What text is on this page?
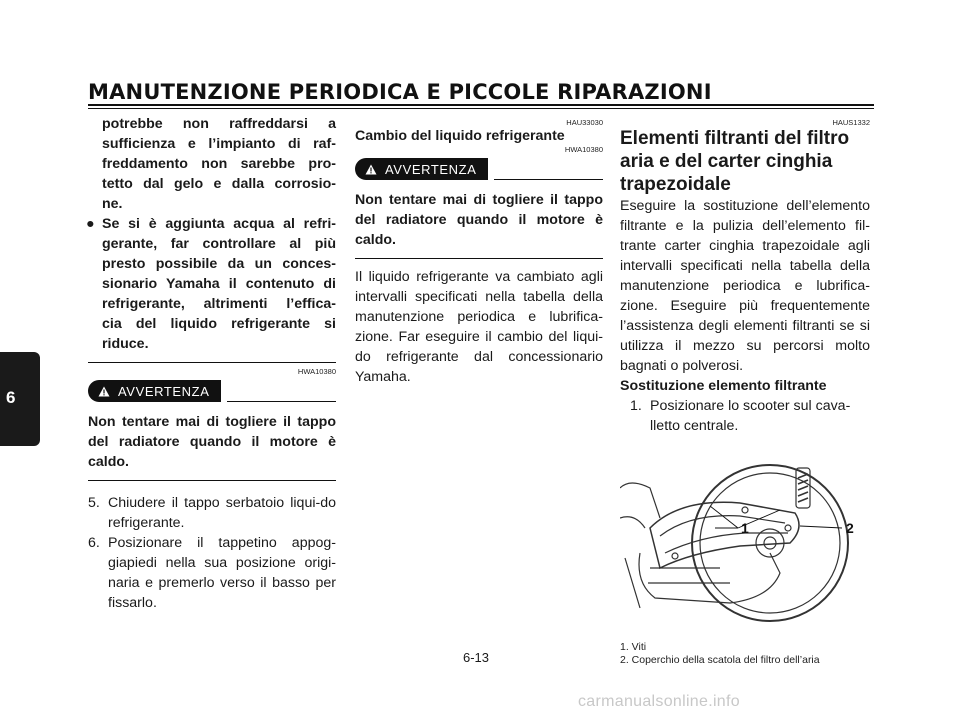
MANUTENZIONE PERIODICA E PICCOLE RIPARAZIONI
6
potrebbe non raffreddarsi a
sufficienza e l’impianto di raf-
freddamento non sarebbe pro-
tetto dal gelo e dalla corrosio-
ne.
● Se si è aggiunta acqua al refri-
gerante, far controllare al più
presto possibile da un conces-
sionario Yamaha il contenuto di
refrigerante, altrimenti l’effica-
cia del liquido refrigerante si
riduce.
HWA10380
AVVERTENZA

Non tentare mai di togliere il tappo del radiatore quando il motore è caldo.

5. Chiudere il tappo serbatoio liqui-do refrigerante.
6. Posizionare il tappetino appog-giapiedi nella sua posizione origi-naria e premerlo verso il basso per fissarlo.
HAU33030

Cambio del liquido refrigerante

HWA10380
AVVERTENZA

Non tentare mai di togliere il tappo del radiatore quando il motore è caldo.

Il liquido refrigerante va cambiato agli intervalli specificati nella tabella della manutenzione periodica e lubrifica-zione. Far eseguire il cambio del liqui-do refrigerante dal concessionario Yamaha.

HAUS1332

Elementi filtranti del filtro aria e del carter cinghia trapezoidale

Eseguire la sostituzione dell’elemento filtrante e la pulizia dell’elemento fil-trante carter cinghia trapezoidale agli intervalli specificati nella tabella della manutenzione periodica e lubrifica-zione. Eseguire più frequentemente l’assistenza degli elementi filtranti se si utilizza il mezzo su percorsi molto bagnati o polverosi.

Sostituzione elemento filtrante

1. Posizionare lo scooter sul cava-lletto centrale.
1	2
1. Viti
2. Coperchio della scatola del filtro dell’aria
6-13
carmanualsonline.info
